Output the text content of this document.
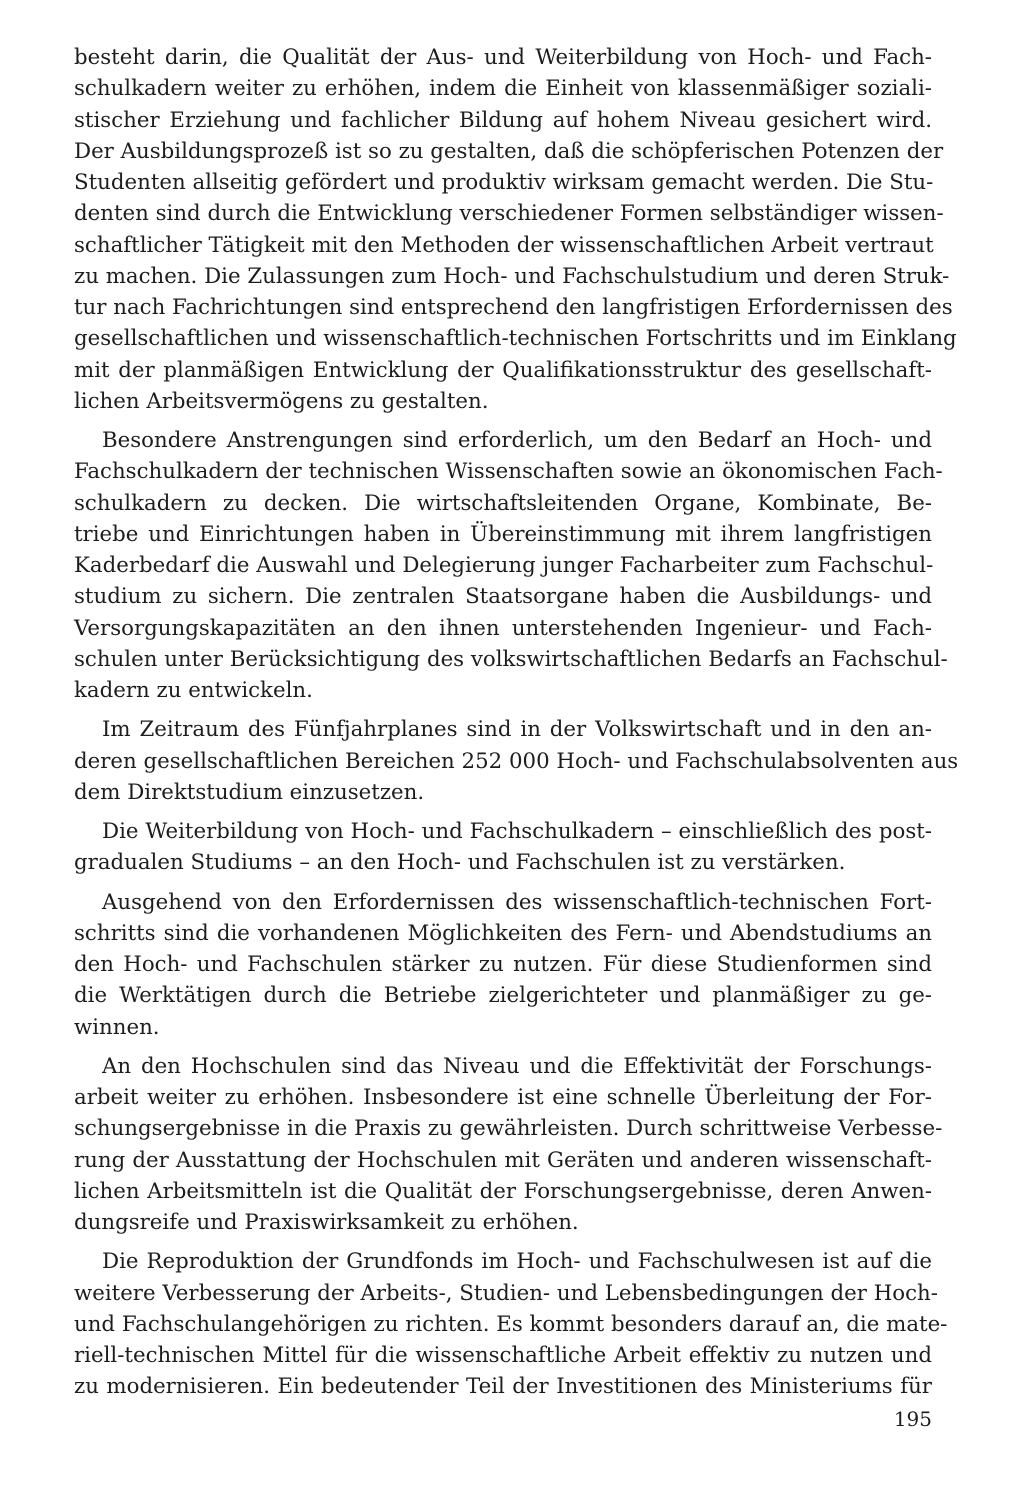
besteht darin, die Qualität der Aus- und Weiterbildung von Hoch- und Fach-
schulkadern weiter zu erhöhen, indem die Einheit von klassenmäßiger soziali-
stischer Erziehung und fachlicher Bildung auf hohem Niveau gesichert wird.
Der Ausbildungsprozeß ist so zu gestalten, daß die schöpferischen Potenzen der
Studenten allseitig gefördert und produktiv wirksam gemacht werden. Die Stu-
denten sind durch die Entwicklung verschiedener Formen selbständiger wissen-
schaftlicher Tätigkeit mit den Methoden der wissenschaftlichen Arbeit vertraut
zu machen. Die Zulassungen zum Hoch- und Fachschulstudium und deren Struk-
tur nach Fachrichtungen sind entsprechend den langfristigen Erfordernissen des
gesellschaftlichen und wissenschaftlich-technischen Fortschritts und im Einklang
mit der planmäßigen Entwicklung der Qualifikationsstruktur des gesellschaft-
lichen Arbeitsvermögens zu gestalten.
Besondere Anstrengungen sind erforderlich, um den Bedarf an Hoch- und
Fachschulkadern der technischen Wissenschaften sowie an ökonomischen Fach-
schulkadern zu decken. Die wirtschaftsleitenden Organe, Kombinate, Be-
triebe und Einrichtungen haben in Übereinstimmung mit ihrem langfristigen
Kaderbedarf die Auswahl und Delegierung junger Facharbeiter zum Fachschul-
studium zu sichern. Die zentralen Staatsorgane haben die Ausbildungs- und
Versorgungskapazitäten an den ihnen unterstehenden Ingenieur- und Fach-
schulen unter Berücksichtigung des volkswirtschaftlichen Bedarfs an Fachschul-
kadern zu entwickeln.
Im Zeitraum des Fünfjahrplanes sind in der Volkswirtschaft und in den an-
deren gesellschaftlichen Bereichen 252 000 Hoch- und Fachschulabsolventen aus
dem Direktstudium einzusetzen.
Die Weiterbildung von Hoch- und Fachschulkadern – einschließlich des post-
gradualen Studiums – an den Hoch- und Fachschulen ist zu verstärken.
Ausgehend von den Erfordernissen des wissenschaftlich-technischen Fort-
schritts sind die vorhandenen Möglichkeiten des Fern- und Abendstudiums an
den Hoch- und Fachschulen stärker zu nutzen. Für diese Studienformen sind
die Werktätigen durch die Betriebe zielgerichteter und planmäßiger zu ge-
winnen.
An den Hochschulen sind das Niveau und die Effektivität der Forschungs-
arbeit weiter zu erhöhen. Insbesondere ist eine schnelle Überleitung der For-
schungsergebnisse in die Praxis zu gewährleisten. Durch schrittweise Verbesse-
rung der Ausstattung der Hochschulen mit Geräten und anderen wissenschaft-
lichen Arbeitsmitteln ist die Qualität der Forschungsergebnisse, deren Anwen-
dungsreife und Praxiswirksamkeit zu erhöhen.
Die Reproduktion der Grundfonds im Hoch- und Fachschulwesen ist auf die
weitere Verbesserung der Arbeits-, Studien- und Lebensbedingungen der Hoch-
und Fachschulangehörigen zu richten. Es kommt besonders darauf an, die mate-
riell-technischen Mittel für die wissenschaftliche Arbeit effektiv zu nutzen und
zu modernisieren. Ein bedeutender Teil der Investitionen des Ministeriums für
195
